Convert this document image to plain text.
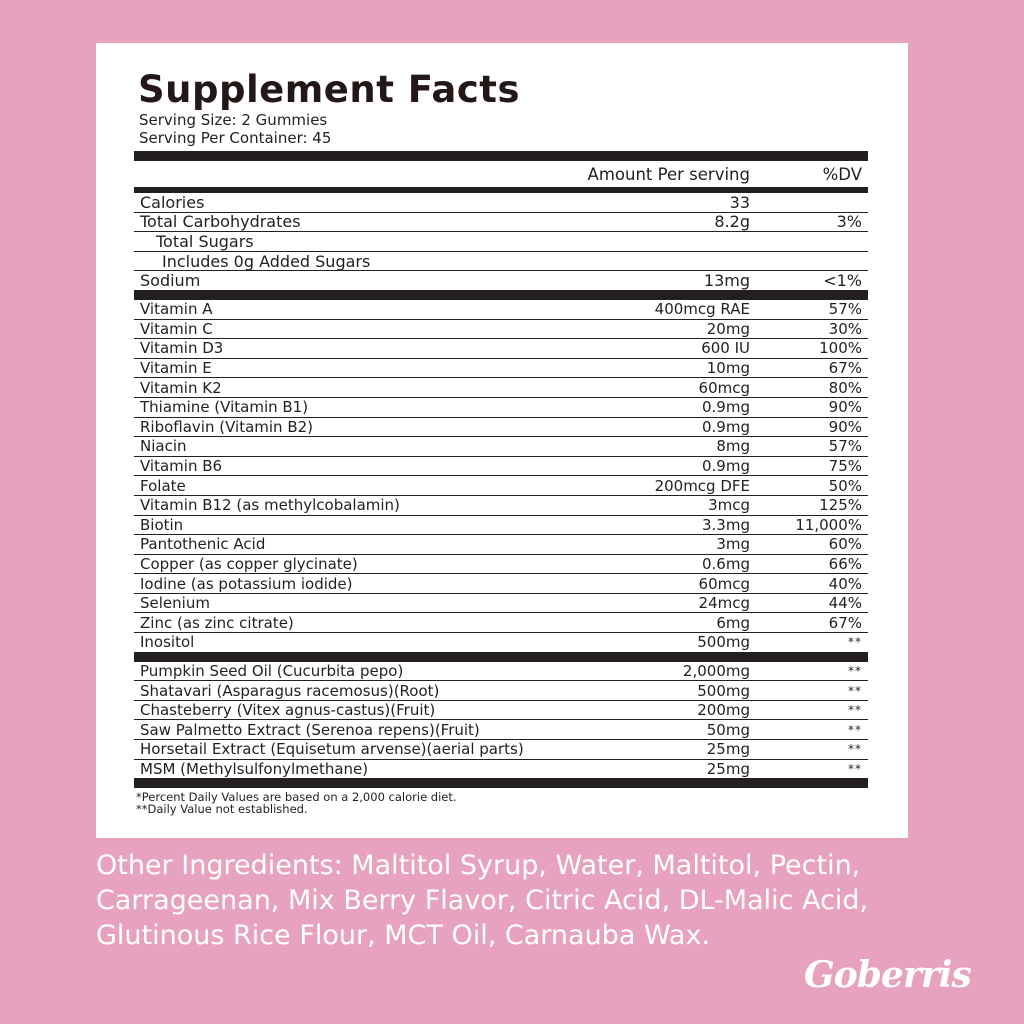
Supplement Facts
Serving Size: 2 Gummies
Serving Per Container: 45
Amount Per serving	%DV
Calories	33
Total Carbohydrates	8.2g	3%
Total Sugars
Includes 0g Added Sugars
Sodium	13mg	<1%
Vitamin A	400mcg RAE	57%
Vitamin C	20mg	30%
Vitamin D3	600 IU	100%
Vitamin E	10mg	67%
Vitamin K2	60mcg	80%
Thiamine (Vitamin B1)	0.9mg	90%
Riboflavin (Vitamin B2)	0.9mg	90%
Niacin	8mg	57%
Vitamin B6	0.9mg	75%
Folate	200mcg DFE	50%
Vitamin B12 (as methylcobalamin)	3mcg	125%
Biotin	3.3mg	11,000%
Pantothenic Acid	3mg	60%
Copper (as copper glycinate)	0.6mg	66%
Iodine (as potassium iodide)	60mcg	40%
Selenium	24mcg	44%
Zinc (as zinc citrate)	6mg	67%
Inositol	500mg	**
Pumpkin Seed Oil (Cucurbita pepo)	2,000mg	**
Shatavari (Asparagus racemosus)(Root)	500mg	**
Chasteberry (Vitex agnus-castus)(Fruit)	200mg	**
Saw Palmetto Extract (Serenoa repens)(Fruit)	50mg	**
Horsetail Extract (Equisetum arvense)(aerial parts)	25mg	**
MSM (Methylsulfonylmethane)	25mg	**
*Percent Daily Values are based on a 2,000 calorie diet.
**Daily Value not established.
Other Ingredients: Maltitol Syrup, Water, Maltitol, Pectin, Carrageenan, Mix Berry Flavor, Citric Acid, DL-Malic Acid, Glutinous Rice Flour, MCT Oil, Carnauba Wax.
Goberris
